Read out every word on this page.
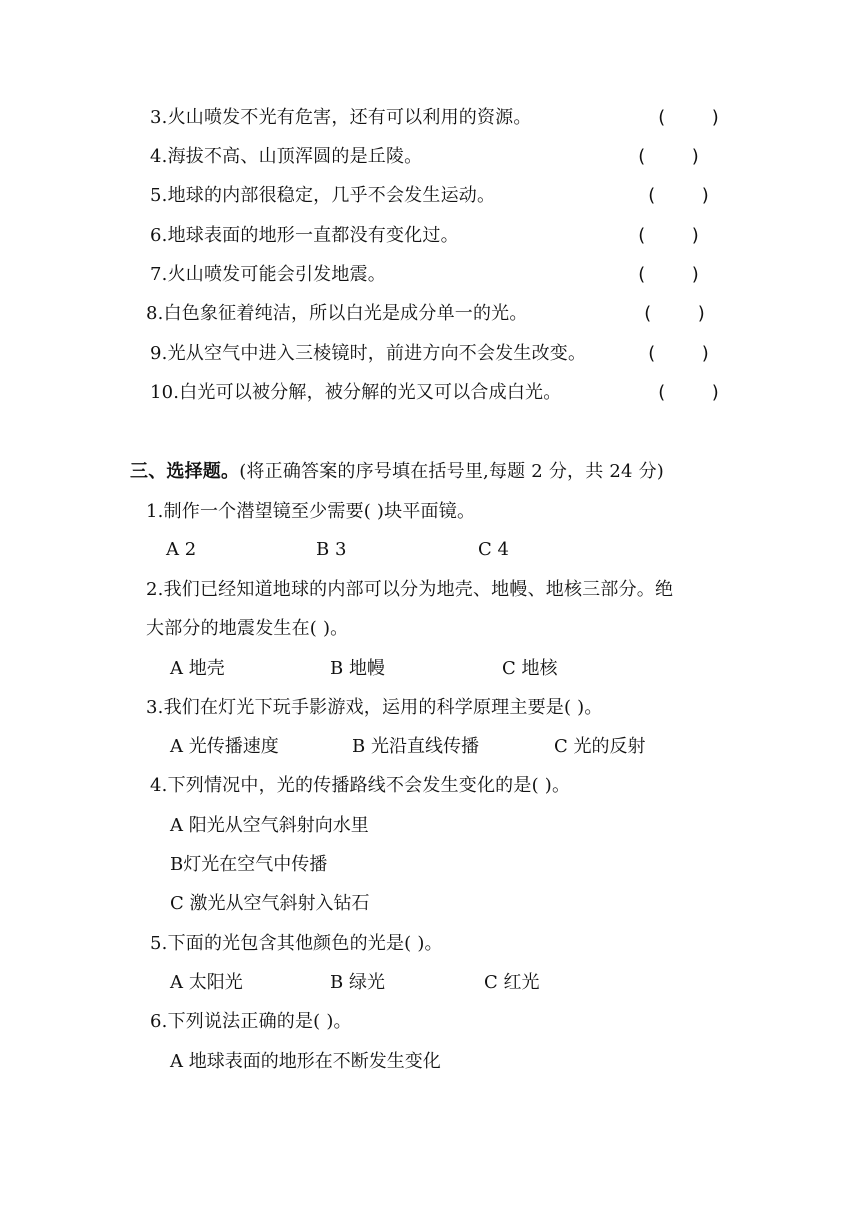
3.火山喷发不光有危害，还有可以利用的资源。	(    )
4.海拔不高、山顶浑圆的是丘陵。	(    )
5.地球的内部很稳定，几乎不会发生运动。	(    )
6.地球表面的地形一直都没有变化过。	(    )
7.火山喷发可能会引发地震。	(    )
8.白色象征着纯洁，所以白光是成分单一的光。	(    )
9.光从空气中进入三棱镜时，前进方向不会发生改变。	(    )
10.白光可以被分解，被分解的光又可以合成白光。	(    )
三、选择题。(将正确答案的序号填在括号里,每题 2 分，共 24 分)
1.制作一个潜望镜至少需要( )块平面镜。
A 2	B 3	C 4
2.我们已经知道地球的内部可以分为地壳、地幔、地核三部分。绝
大部分的地震发生在( )。
A 地壳	B 地幔	C 地核
3.我们在灯光下玩手影游戏，运用的科学原理主要是( )。
A 光传播速度	B 光沿直线传播	C 光的反射
4.下列情况中，光的传播路线不会发生变化的是( )。
A 阳光从空气斜射向水里
B灯光在空气中传播
C 激光从空气斜射入钻石
5.下面的光包含其他颜色的光是( )。
A 太阳光	B 绿光	C 红光
6.下列说法正确的是( )。
A 地球表面的地形在不断发生变化
